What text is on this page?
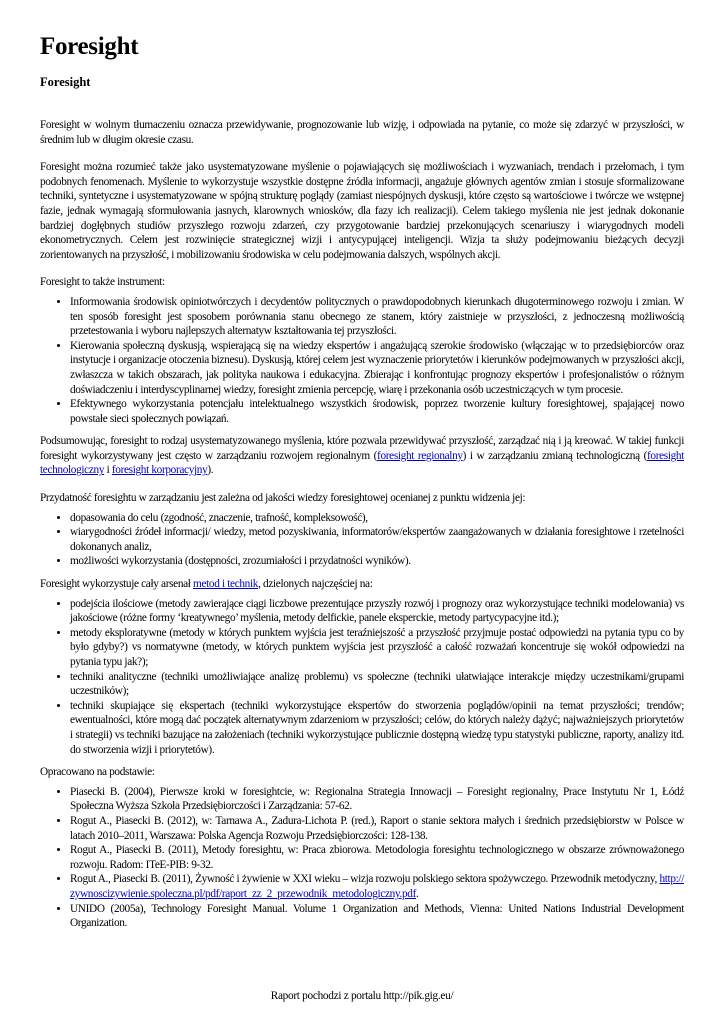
Foresight
Foresight

Foresight w wolnym tłumaczeniu oznacza przewidywanie, prognozowanie lub wizję, i odpowiada na pytanie, co może się zdarzyć w przyszłości, w średnim lub w długim okresie czasu.

Foresight można rozumieć także jako usystematyzowane myślenie o pojawiających się możliwościach i wyzwaniach, trendach i przełomach, i tym podobnych fenomenach. Myślenie to wykorzystuje wszystkie dostępne źródła informacji, angażuje głównych agentów zmian i stosuje sformalizowane techniki, syntetyczne i usystematyzowane w spójną strukturę poglądy (zamiast niespójnych dyskusji, które często są wartościowe i twórcze we wstępnej fazie, jednak wymagają sformułowania jasnych, klarownych wniosków, dla fazy ich realizacji). Celem takiego myślenia nie jest jednak dokonanie bardziej dogłębnych studiów przyszłego rozwoju zdarzeń, czy przygotowanie bardziej przekonujących scenariuszy i wiarygodnych modeli ekonometrycznych. Celem jest rozwinięcie strategicznej wizji i antycypującej inteligencji. Wizja ta służy podejmowaniu bieżących decyzji zorientowanych na przyszłość, i mobilizowaniu środowiska w celu podejmowania dalszych, wspólnych akcji.

Foresight to także instrument:

• Informowania środowisk opiniotwórczych i decydentów politycznych o prawdopodobnych kierunkach długoterminowego rozwoju i zmian. W ten sposób foresight jest sposobem porównania stanu obecnego ze stanem, który zaistnieje w przyszłości, z jednoczesną możliwością przetestowania i wyboru najlepszych alternatyw kształtowania tej przyszłości.
• Kierowania społeczną dyskusją, wspierającą się na wiedzy ekspertów i angażującą szerokie środowisko (włączając w to przedsiębiorców oraz instytucje i organizacje otoczenia biznesu). Dyskusją, której celem jest wyznaczenie priorytetów i kierunków podejmowanych w przyszłości akcji, zwłaszcza w takich obszarach, jak polityka naukowa i edukacyjna. Zbierając i konfrontując prognozy ekspertów i profesjonalistów o różnym doświadczeniu i interdyscyplinarnej wiedzy, foresight zmienia percepcję, wiarę i przekonania osób uczestniczących w tym procesie.
• Efektywnego wykorzystania potencjału intelektualnego wszystkich środowisk, poprzez tworzenie kultury foresightowej, spajającej nowo powstałe sieci społecznych powiązań.

Podsumowując, foresight to rodzaj usystematyzowanego myślenia, które pozwala przewidywać przyszłość, zarządzać nią i ją kreować. W takiej funkcji foresight wykorzystywany jest często w zarządzaniu rozwojem regionalnym (foresight regionalny) i w zarządzaniu zmianą technologiczną (foresight technologiczny i foresight korporacyjny).

Przydatność foresightu w zarządzaniu jest zależna od jakości wiedzy foresightowej ocenianej z punktu widzenia jej:

• dopasowania do celu (zgodność, znaczenie, trafność, kompleksowość),
• wiarygodności źródeł informacji/ wiedzy, metod pozyskiwania, informatorów/ekspertów zaangażowanych w działania foresightowe i rzetelności dokonanych analiz,
• możliwości wykorzystania (dostępności, zrozumiałości i przydatności wyników).

Foresight wykorzystuje cały arsenał metod i technik, dzielonych najczęściej na:

• podejścia ilościowe (metody zawierające ciągi liczbowe prezentujące przyszły rozwój i prognozy oraz wykorzystujące techniki modelowania) vs jakościowe (różne formy ‘kreatywnego’ myślenia, metody delfickie, panele eksperckie, metody partycypacyjne itd.);
• metody eksploratywne (metody w których punktem wyjścia jest teraźniejszość a przyszłość przyjmuje postać odpowiedzi na pytania typu co by było gdyby?) vs normatywne (metody, w których punktem wyjścia jest przyszłość a całość rozważań koncentruje się wokół odpowiedzi na pytania typu jak?);
• techniki analityczne (techniki umożliwiające analizę problemu) vs społeczne (techniki ułatwiające interakcje między uczestnikami/grupami uczestników);
• techniki skupiające się ekspertach (techniki wykorzystujące ekspertów do stworzenia poglądów/opinii na temat przyszłości; trendów; ewentualności, które mogą dać początek alternatywnym zdarzeniom w przyszłości; celów, do których należy dążyć; najważniejszych priorytetów i strategii) vs techniki bazujące na założeniach (techniki wykorzystujące publicznie dostępną wiedzę typu statystyki publiczne, raporty, analizy itd. do stworzenia wizji i priorytetów).

Opracowano na podstawie:

• Piasecki B. (2004), Pierwsze kroki w foresightcie, w: Regionalna Strategia Innowacji – Foresight regionalny, Prace Instytutu Nr 1, Łódź Społeczna Wyższa Szkoła Przedsiębiorczości i Zarządzania: 57-62.
• Rogut A., Piasecki B. (2012), w: Tarnawa A., Zadura-Lichota P. (red.), Raport o stanie sektora małych i średnich przedsiębiorstw w Polsce w latach 2010–2011, Warszawa: Polska Agencja Rozwoju Przedsiębiorczości: 128-138.
• Rogut A., Piasecki B. (2011), Metody foresightu, w: Praca zbiorowa. Metodologia foresightu technologicznego w obszarze zrównoważonego rozwoju. Radom: ITeE-PIB: 9-32.
• Rogut A., Piasecki B. (2011), Żywność i żywienie w XXI wieku – wizja rozwoju polskiego sektora spożywczego. Przewodnik metodyczny, http://zywnoscizywienie.spoleczna.pl/pdf/raport_zz_2_przewodnik_metodologiczny.pdf.
• UNIDO (2005a), Technology Foresight Manual. Volume 1 Organization and Methods, Vienna: United Nations Industrial Development Organization.
Raport pochodzi z portalu http://pik.gig.eu/
